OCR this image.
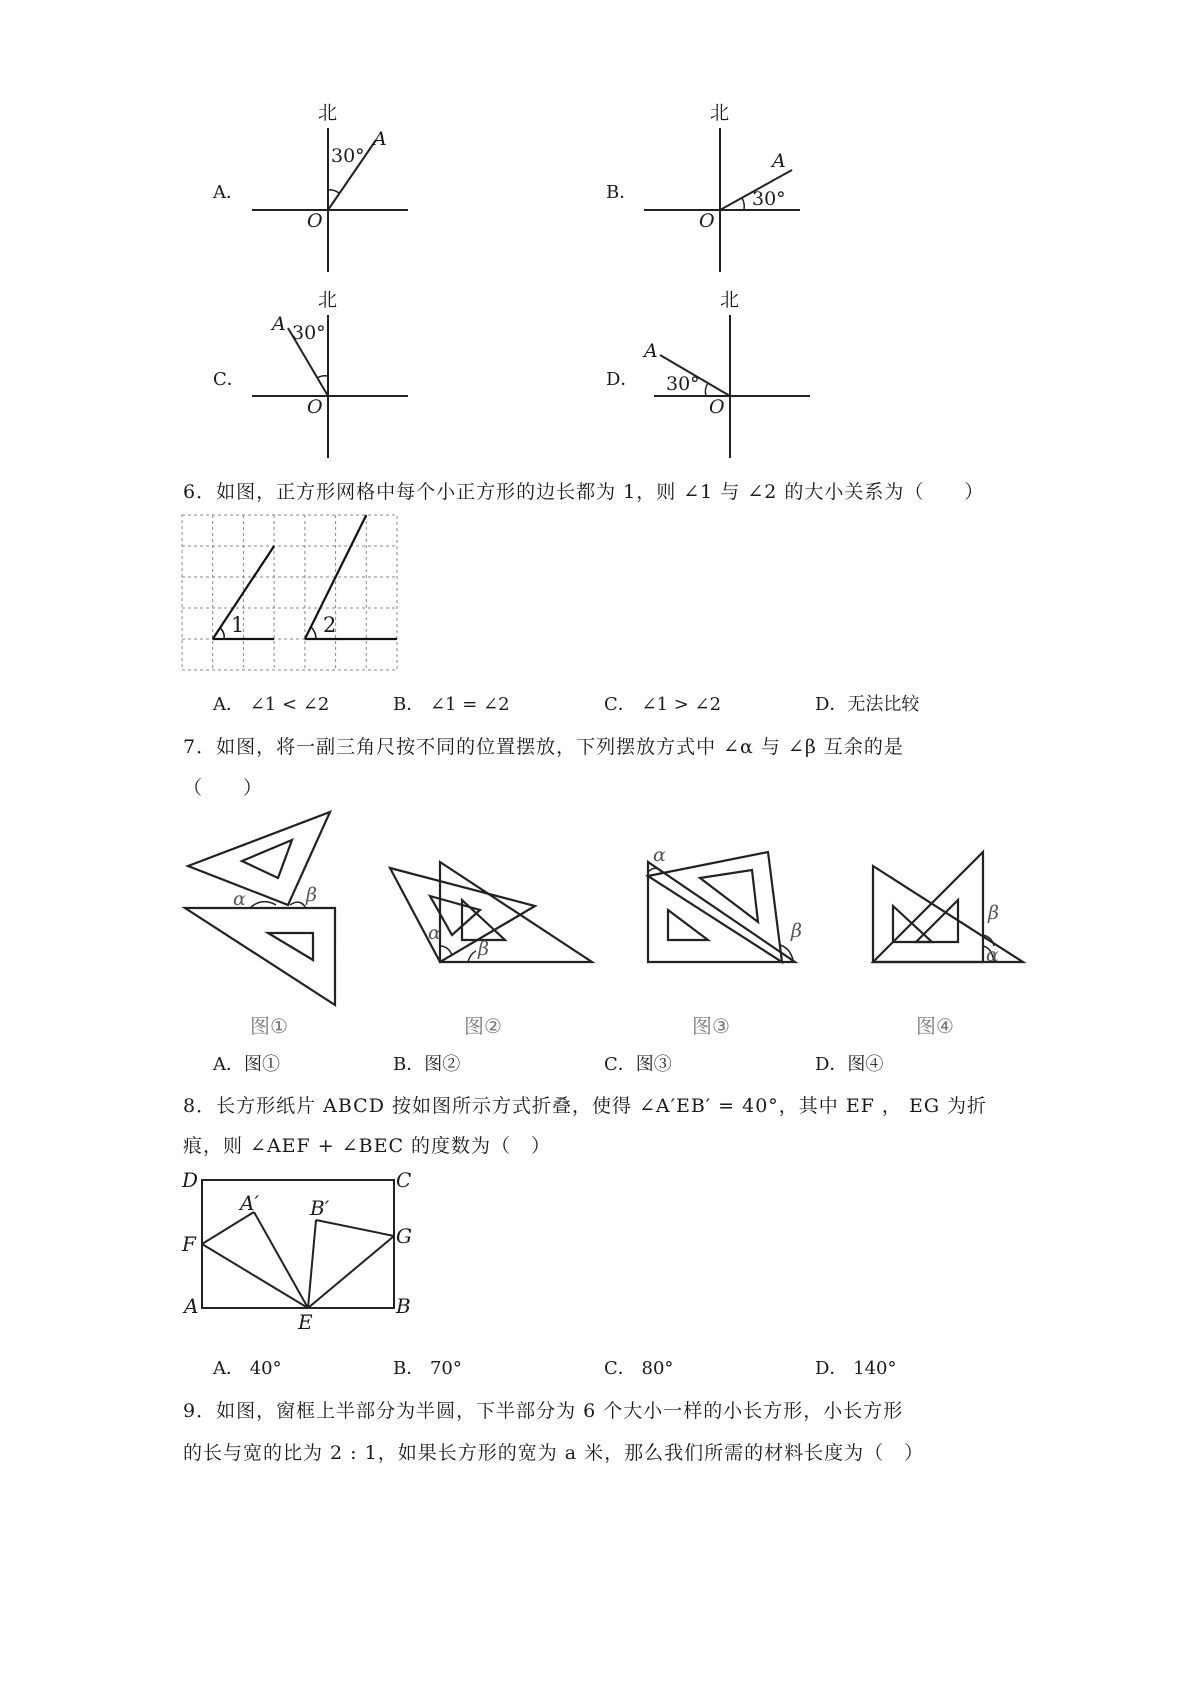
A．
北
30°
A
O
B．
北
30°
A
O
C．
北
30°
A
O
D．
北
30°
A
O
6．如图，正方形网格中每个小正方形的边长都为 1，则 ∠1 与 ∠2 的大小关系为（　　）
1	2
A． ∠1 < ∠2	B． ∠1 = ∠2	C． ∠1 > ∠2	D．无法比较
7．如图，将一副三角尺按不同的位置摆放，下列摆放方式中 ∠α 与 ∠β 互余的是
（　　）
α	β
α
β
α
β
β
α
图①	图②	图③	图④
A．图①	B．图②	C．图③	D．图④
8．长方形纸片 ABCD 按如图所示方式折叠，使得 ∠A′EB′ = 40°，其中 EF ， EG 为折
痕，则 ∠AEF + ∠BEC 的度数为（　）
D	C
A′	B′
F	G
A
E
B
A． 40°	B． 70°	C． 80°	D． 140°
9．如图，窗框上半部分为半圆，下半部分为 6 个大小一样的小长方形，小长方形
的长与宽的比为 2 : 1，如果长方形的宽为 a 米，那么我们所需的材料长度为（　）
